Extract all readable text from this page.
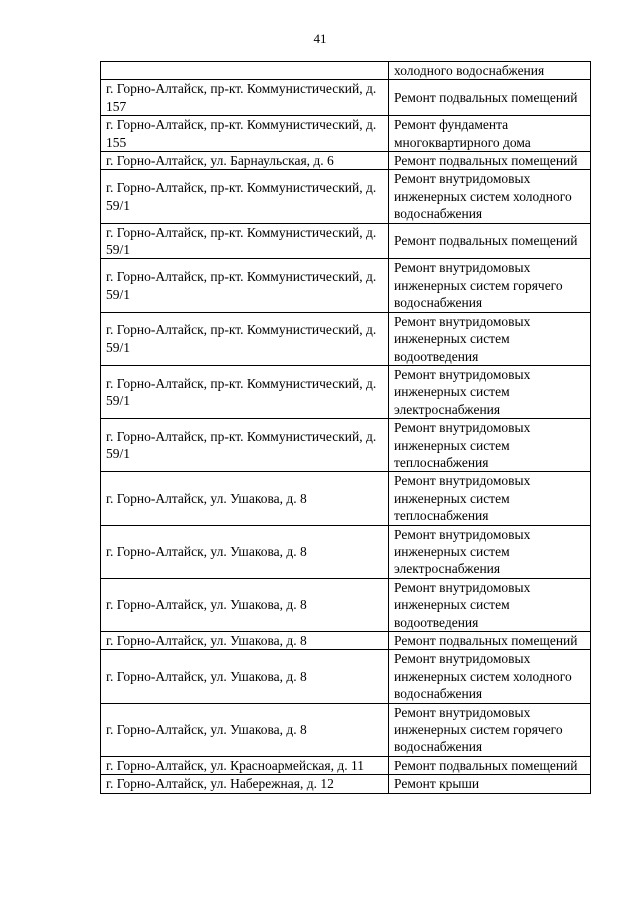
41
	холодного водоснабжения
г. Горно-Алтайск, пр-кт. Коммунистический, д. 157	Ремонт подвальных помещений
г. Горно-Алтайск, пр-кт. Коммунистический, д. 155	Ремонт фундамента многоквартирного дома
г. Горно-Алтайск, ул. Барнаульская, д. 6	Ремонт подвальных помещений
г. Горно-Алтайск, пр-кт. Коммунистический, д. 59/1	Ремонт внутридомовых инженерных систем холодного водоснабжения
г. Горно-Алтайск, пр-кт. Коммунистический, д. 59/1	Ремонт подвальных помещений
г. Горно-Алтайск, пр-кт. Коммунистический, д. 59/1	Ремонт внутридомовых инженерных систем горячего водоснабжения
г. Горно-Алтайск, пр-кт. Коммунистический, д. 59/1	Ремонт внутридомовых инженерных систем водоотведения
г. Горно-Алтайск, пр-кт. Коммунистический, д. 59/1	Ремонт внутридомовых инженерных систем электроснабжения
г. Горно-Алтайск, пр-кт. Коммунистический, д. 59/1	Ремонт внутридомовых инженерных систем теплоснабжения
г. Горно-Алтайск, ул. Ушакова, д. 8	Ремонт внутридомовых инженерных систем теплоснабжения
г. Горно-Алтайск, ул. Ушакова, д. 8	Ремонт внутридомовых инженерных систем электроснабжения
г. Горно-Алтайск, ул. Ушакова, д. 8	Ремонт внутридомовых инженерных систем водоотведения
г. Горно-Алтайск, ул. Ушакова, д. 8	Ремонт подвальных помещений
г. Горно-Алтайск, ул. Ушакова, д. 8	Ремонт внутридомовых инженерных систем холодного водоснабжения
г. Горно-Алтайск, ул. Ушакова, д. 8	Ремонт внутридомовых инженерных систем горячего водоснабжения
г. Горно-Алтайск, ул. Красноармейская, д. 11	Ремонт подвальных помещений
г. Горно-Алтайск, ул. Набережная, д. 12	Ремонт крыши
